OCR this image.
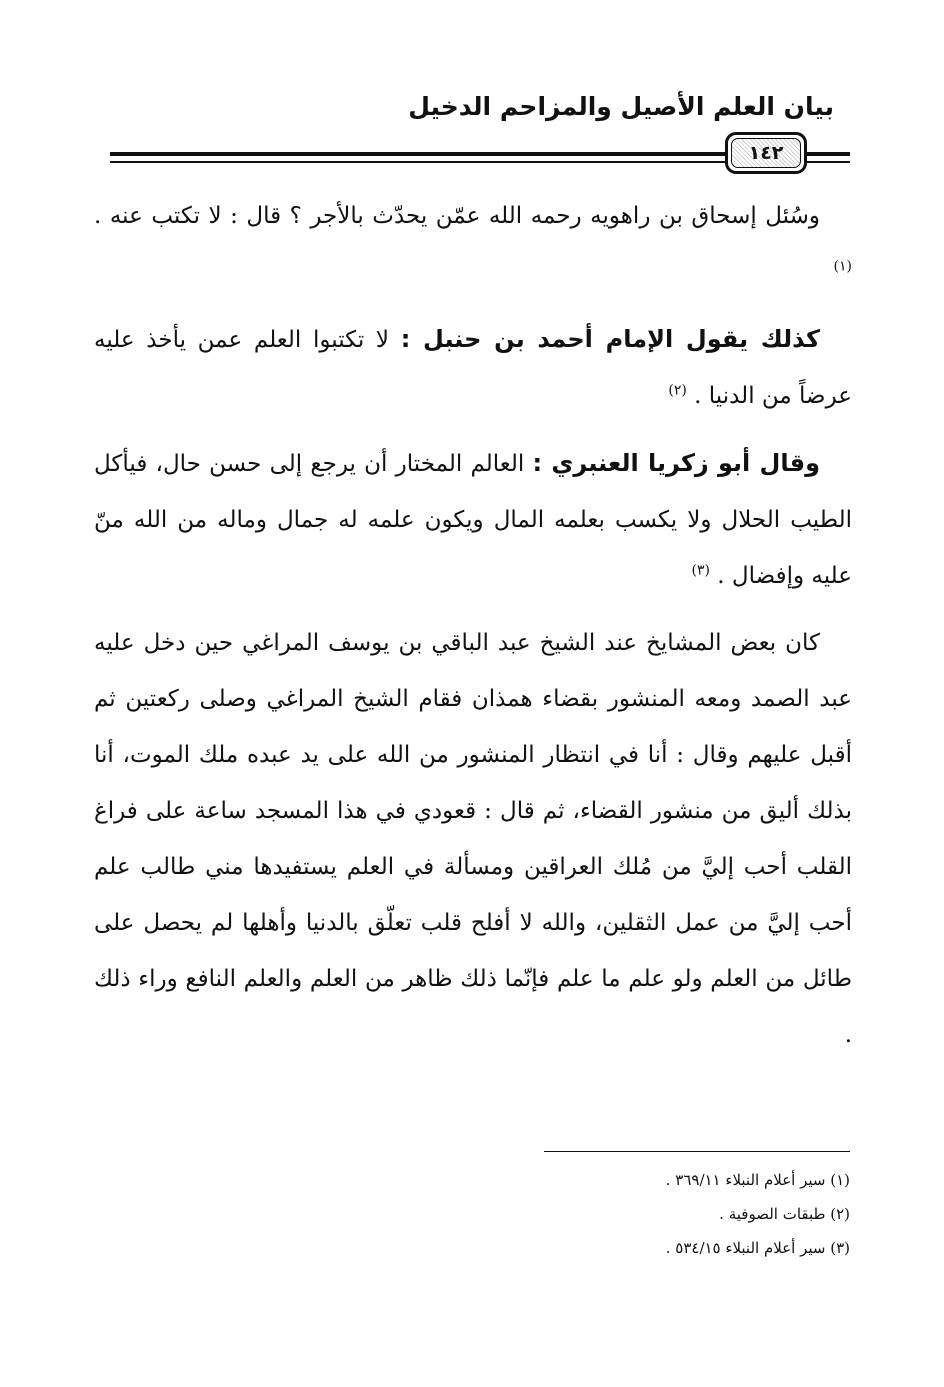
بيان العلم الأصيل والمزاحم الدخيل
١٤٢

وسُئل إسحاق بن راهويه رحمه الله عمّن يحدّث بالأجر ؟ قال : لا تكتب عنه . $^{(١)}$

كذلك يقول الإمام أحمد بن حنبل : لا تكتبوا العلم عمن يأخذ عليه عرضاً من الدنيا . $^{(٢)}$

وقال أبو زكريا العنبري : العالم المختار أن يرجع إلى حسن حال، فيأكل الطيب الحلال ولا يكسب بعلمه المال ويكون علمه له جمال وماله من الله منّ عليه وإفضال . $^{(٣)}$

كان بعض المشايخ عند الشيخ عبد الباقي بن يوسف المراغي حين دخل عليه عبد الصمد ومعه المنشور بقضاء همذان فقام الشيخ المراغي وصلى ركعتين ثم أقبل عليهم وقال : أنا في انتظار المنشور من الله على يد عبده ملك الموت، أنا بذلك أليق من منشور القضاء، ثم قال : قعودي في هذا المسجد ساعة على فراغ القلب أحب إليَّ من مُلك العراقين ومسألة في العلم يستفيدها مني طالب علم أحب إليَّ من عمل الثقلين، والله لا أفلح قلب تعلّق بالدنيا وأهلها لم يحصل على طائل من العلم ولو علم ما علم فإنّما ذلك ظاهر من العلم والعلم النافع وراء ذلك .

(١) سير أعلام النبلاء ٣٦٩/١١ .

(٢) طبقات الصوفية .

(٣) سير أعلام النبلاء ٥٣٤/١٥ .
